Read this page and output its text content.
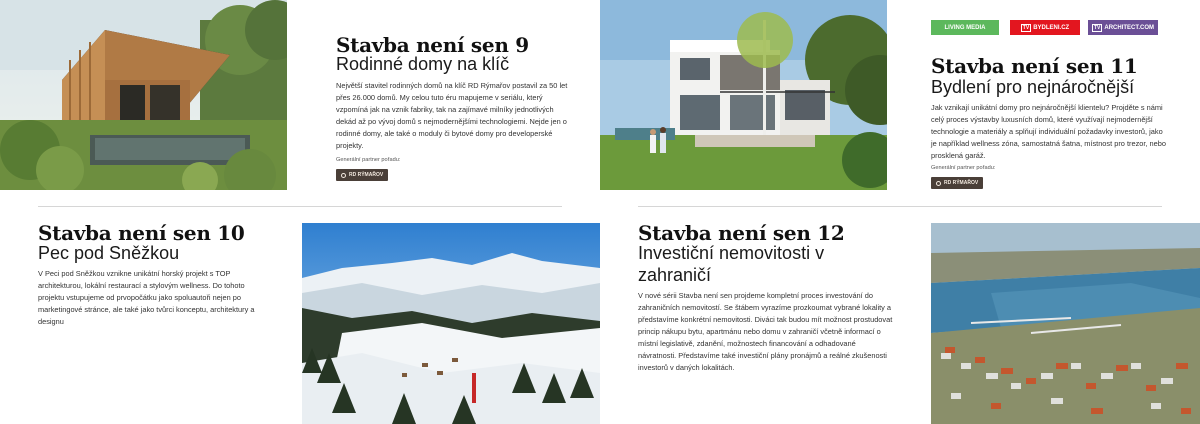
Stavba není sen 9
Rodinné domy na klíč
Největší stavitel rodinných domů na klíč RD Rýmařov postavil za 50 let přes 26.000 domů. My celou tuto éru mapujeme v seriálu, který vzpomíná jak na vznik fabriky, tak na zajímavé milníky jednotlivých dekád až po vývoj domů s nejmodernějšími technologiemi. Nejde jen o rodinné domy, ale také o moduly či bytové domy pro developerské projekty.
Generální partner pořadu:
RD RÝMAŘOV
LIVING MEDIA	TV BYDLENI.CZ	TV ARCHITECT.COM
Stavba není sen 11
Bydlení pro nejnáročnější
Jak vznikají unikátní domy pro nejnáročnější klientelu? Projděte s námi celý proces výstavby luxusních domů, které využívají nejmodernější technologie a materiály a splňují individuální požadavky investorů, jako je například wellness zóna, samostatná šatna, místnost pro trezor, nebo prosklená garáž.
Generální partner pořadu:
RD RÝMAŘOV
Stavba není sen 10
Pec pod Sněžkou
V Peci pod Sněžkou vznikne unikátní horský projekt s TOP architekturou, lokální restaurací a stylovým wellness. Do tohoto projektu vstupujeme od prvopočátku jako spoluautoři nejen po marketingové stránce, ale také jako tvůrci konceptu, architektury a designu
Stavba není sen 12
Investiční nemovitosti v zahraničí
V nové sérii Stavba není sen projdeme kompletní proces investování do zahraničních nemovitostí. Se štábem vyrazíme prozkoumat vybrané lokality a představíme konkrétní nemovitosti. Diváci tak budou mít možnost prostudovat princip nákupu bytu, apartmánu nebo domu v zahraničí včetně informací o místní legislativě, zdanění, možnostech financování a odhadované návratnosti. Představíme také investiční plány pronájmů a reálné zkušenosti investorů v daných lokalitách.
